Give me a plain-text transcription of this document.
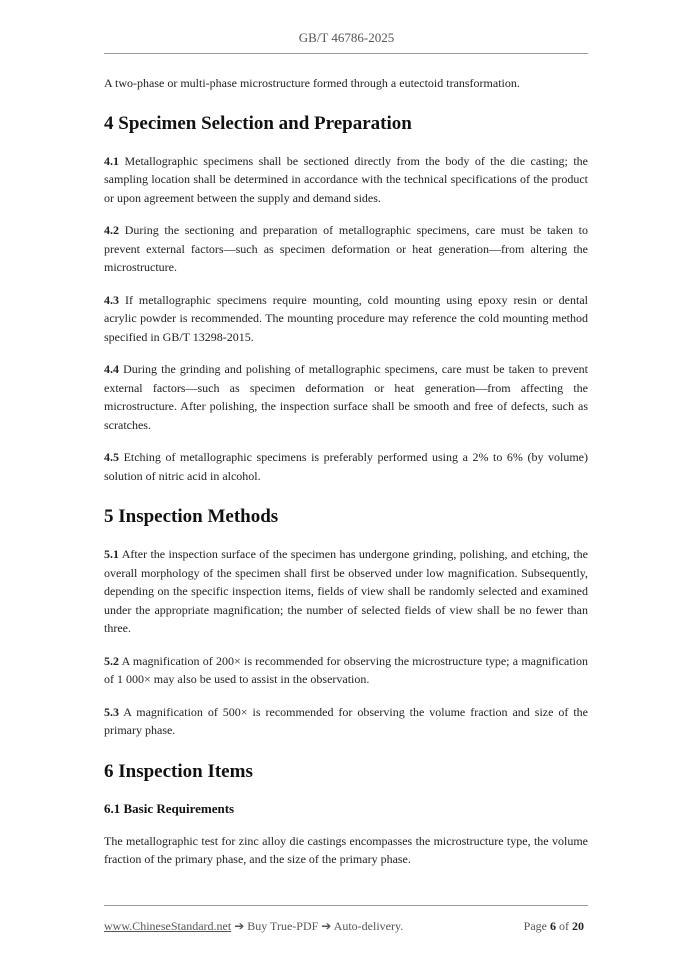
GB/T 46786-2025

A two-phase or multi-phase microstructure formed through a eutectoid transformation.

4 Specimen Selection and Preparation

4.1 Metallographic specimens shall be sectioned directly from the body of the die casting; the sampling location shall be determined in accordance with the technical specifications of the product or upon agreement between the supply and demand sides.

4.2 During the sectioning and preparation of metallographic specimens, care must be taken to prevent external factors—such as specimen deformation or heat generation—from altering the microstructure.

4.3 If metallographic specimens require mounting, cold mounting using epoxy resin or dental acrylic powder is recommended. The mounting procedure may reference the cold mounting method specified in GB/T 13298-2015.

4.4 During the grinding and polishing of metallographic specimens, care must be taken to prevent external factors—such as specimen deformation or heat generation—from affecting the microstructure. After polishing, the inspection surface shall be smooth and free of defects, such as scratches.

4.5 Etching of metallographic specimens is preferably performed using a 2% to 6% (by volume) solution of nitric acid in alcohol.

5 Inspection Methods

5.1 After the inspection surface of the specimen has undergone grinding, polishing, and etching, the overall morphology of the specimen shall first be observed under low magnification. Subsequently, depending on the specific inspection items, fields of view shall be randomly selected and examined under the appropriate magnification; the number of selected fields of view shall be no fewer than three.

5.2 A magnification of 200× is recommended for observing the microstructure type; a magnification of 1 000× may also be used to assist in the observation.

5.3 A magnification of 500× is recommended for observing the volume fraction and size of the primary phase.

6 Inspection Items
6.1 Basic Requirements

The metallographic test for zinc alloy die castings encompasses the microstructure type, the volume fraction of the primary phase, and the size of the primary phase.

www.ChineseStandard.net ➔ Buy True-PDF ➔ Auto-delivery.	Page 6 of 20
